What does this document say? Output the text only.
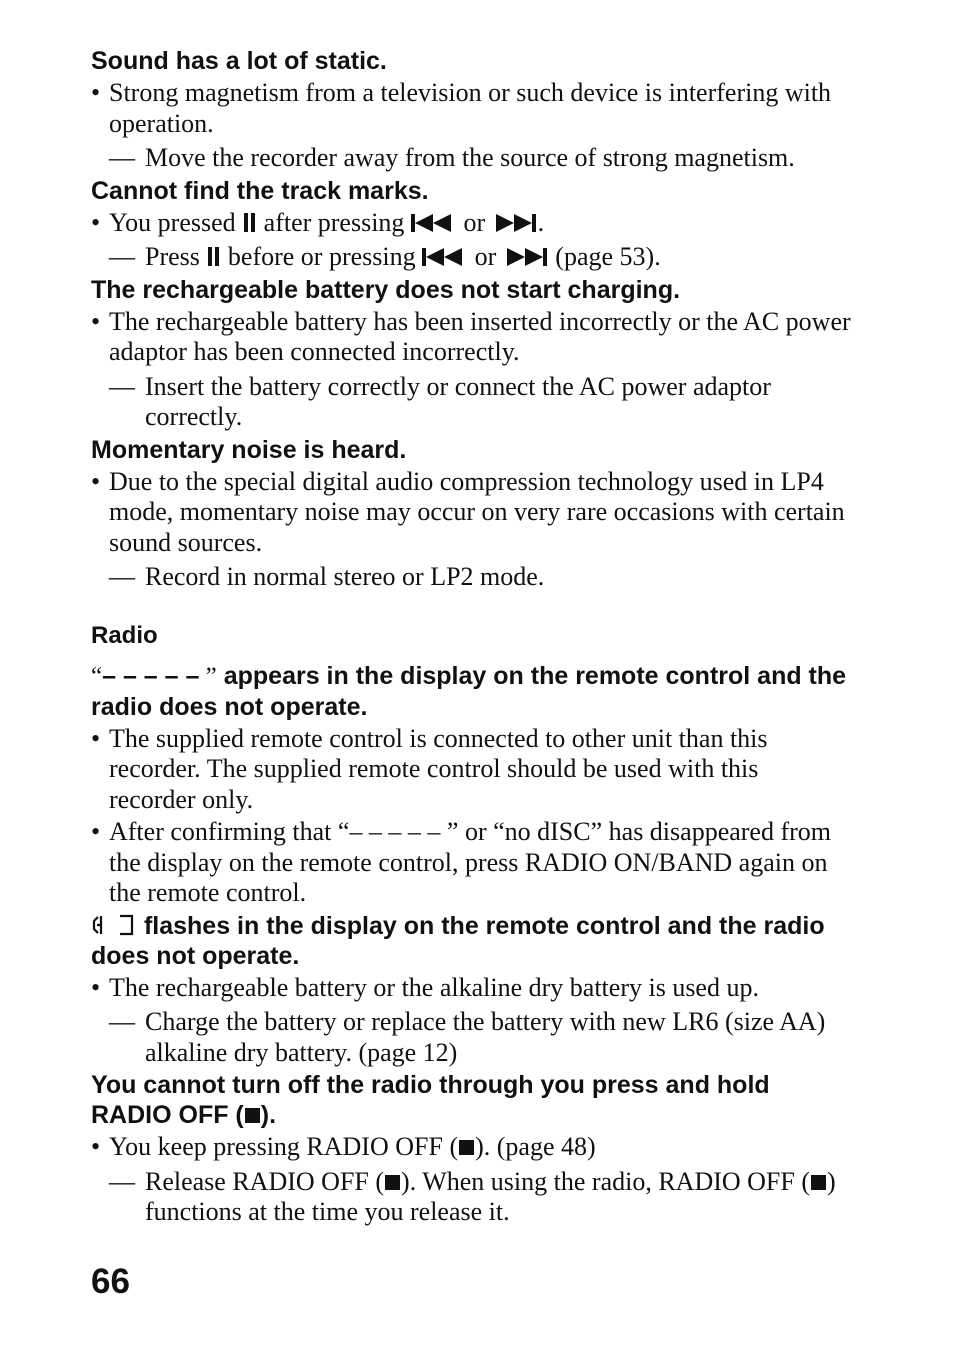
Sound has a lot of static.

• Strong magnetism from a television or such device is interfering with operation.

— Move the recorder away from the source of strong magnetism.

Cannot find the track marks.

• You pressed after pressing or .

— Press before or pressing or (page 53).

The rechargeable battery does not start charging.

• The rechargeable battery has been inserted incorrectly or the AC power adaptor has been connected incorrectly.

— Insert the battery correctly or connect the AC power adaptor correctly.

Momentary noise is heard.

• Due to the special digital audio compression technology used in LP4 mode, momentary noise may occur on very rare occasions with certain sound sources.

— Record in normal stereo or LP2 mode.

Radio

“– – – – – ” appears in the display on the remote control and the radio does not operate.

• The supplied remote control is connected to other unit than this recorder. The supplied remote control should be used with this recorder only.

• After confirming that “– – – – – ” or “no dISC” has disappeared from the display on the remote control, press RADIO ON/BAND again on the remote control.

flashes in the display on the remote control and the radio does not operate.

• The rechargeable battery or the alkaline dry battery is used up.

— Charge the battery or replace the battery with new LR6 (size AA) alkaline dry battery. (page 12)

You cannot turn off the radio through you press and hold RADIO OFF ( ).

• You keep pressing RADIO OFF ( ). (page 48)

— Release RADIO OFF ( ). When using the radio, RADIO OFF ( ) functions at the time you release it.

66
